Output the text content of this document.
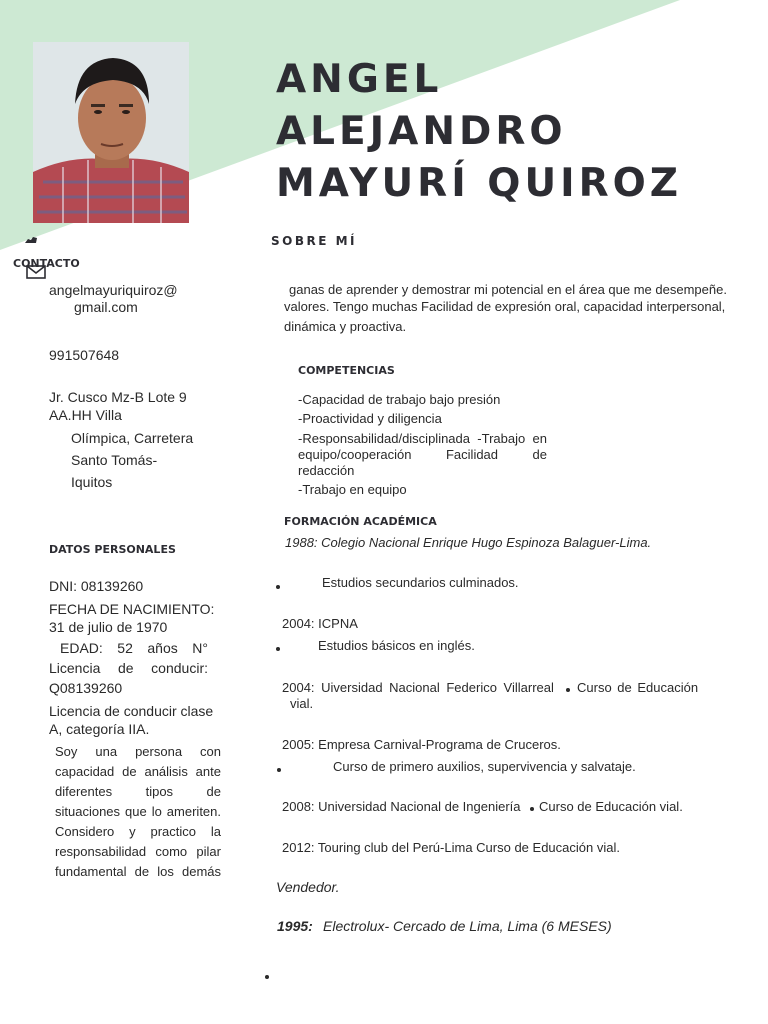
ANGEL
ALEJANDRO
MAYURÍ QUIROZ
CONTACTO
angelmayuriquiroz@
gmail.com
991507648
Jr. Cusco Mz-B Lote 9
AA.HH Villa
Olímpica, Carretera
Santo Tomás-
Iquitos
DATOS PERSONALES
DNI: 08139260
FECHA DE NACIMIENTO:
31 de julio de 1970
EDAD: 52 años N°
Licencia de conducir:
Q08139260
Licencia de conducir clase
A, categoría IIA.
Soy una persona con
capacidad de análisis ante
diferentes tipos de
situaciones que lo ameriten.
Considero y practico la
responsabilidad como pilar
fundamental de los demás
SOBRE MÍ
ganas de aprender y demostrar mi potencial en el área que me desempeñe.
valores. Tengo muchas Facilidad de expresión oral, capacidad interpersonal,
dinámica y proactiva.
COMPETENCIAS
-Capacidad de trabajo bajo presión
-Proactividad y diligencia
-Responsabilidad/disciplinada -Trabajo en
equipo/cooperación Facilidad de
redacción
-Trabajo en equipo
FORMACIÓN ACADÉMICA
1988: Colegio Nacional Enrique Hugo Espinoza Balaguer-Lima.
Estudios secundarios culminados.
2004: ICPNA
Estudios básicos en inglés.
2004: Uiversidad Nacional Federico Villarreal Curso de Educación
vial.
2005: Empresa Carnival-Programa de Cruceros.
Curso de primero auxilios, supervivencia y salvataje.
2008: Universidad Nacional de Ingeniería Curso de Educación vial.
2012: Touring club del Perú-Lima Curso de Educación vial.
Vendedor.
1995: Electrolux- Cercado de Lima, Lima (6 MESES)
